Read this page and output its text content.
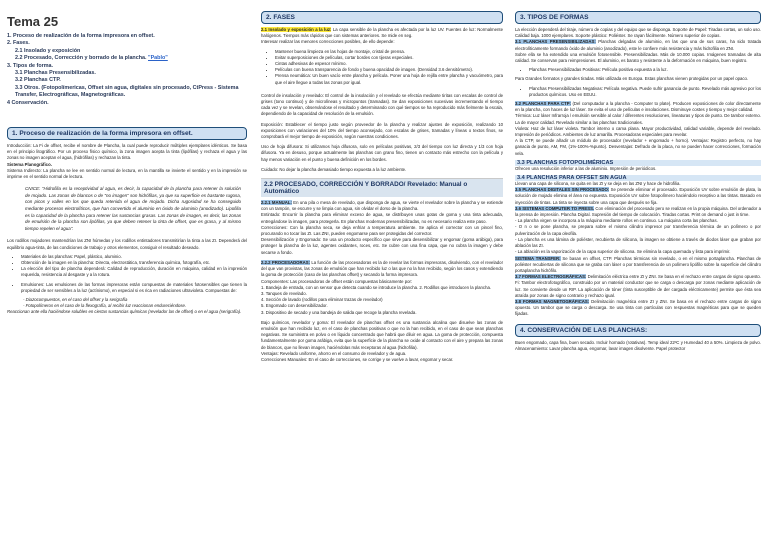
Tema 25
1. Proceso de realización de la forma impresora en offset.
2. Fases.
2.1 Insolado y exposición
2.2 Procesado, Corrección y borrado de la plancha. "Pablo"
3. Tipos de forma.
3.1 Planchas Presensibilizadas.
3.2 Planchas CTP.
3.3 Otros. (Fotopolímericas, Offset sin agua, digitales sin procesado, CtPress - Sistema Transfer, Electrográficas, Magnetográficas.
4 Conservación.
1. Proceso de realización de la forma impresora en offset.

Introducción: La Fi de offset, recibe el nombre de Plancha, la cual puede reproducir múltiples ejemplares idénticos. Se basa en el principio litográfico. Por un proceso físico químico, la zona imagen acepta la tinta (lipófilas) y rechaza el agua y las zonas no imagen aceptan el agua, (hidrófilas) y rechazan la tinta.

Sistema Planográfico.

Sistema Indirecto: La plancha se lee en sentido normal de lectura, en la mantilla se invierte el sentido y en la impresión se imprime en el sentido normal de lectura.

CNICE: "Hidrofilia es la receptividad al agua, es decir, la capacidad de la plancha para retener la solución de mojado. Las zonas de blancos o de "no imagen" son hidrófilas, ya que su superficie es bastante rugosa, con picos y valles en los que queda retenida el agua de mojado. Dicha rugosidad se ha conseguido mediante procesos electrolíticos, que han convertido el aluminio en óxido de aluminio (anodizado). Lipofilia es la capacidad de la plancha para retener las sustancias grasas. Las zonas de imagen, es decir, las zonas de emulsión de la plancha son lipófilas, ya que deben retener la tinta de offset, que es grasa, y al mismo tiempo repelen el agua".

Los rodillos mojadores mantendrían las ZNI húmedas y los rodillos entintadores transmitirían la tinta a las ZI. Dependerá del equilibrio agua-tinta, de las condiciones de trabajo y otros elementos, consiguir el resultado deseado.

• Materiales de las planchas: Papel, plástico, aluminio.
• Obtención de la imagen en la plancha: Directa, electrostática, transferencia química, fotografía, etc.
• La elección del tipo de plancha dependerá: Calidad de reproducción, duración en máquina, calidad en la impresión requerida, resistencia al desgaste y a la rotura.
• Emulsiones: Las emulsiones de las formas impresoras están compuestas de materiales fotosensibles que tienen la propiedad de ser sensibles a la luz (actínismo), en especial si es rica en radiaciones ultravioleta. Compuestas de:

- Diazocompuestos, en el caso del offset y la serigrafía

- Fotopolímeros en el caso de la flexografía, al recibir luz reaccionan endureciéndose.

Reaccionan ante ella haciéndose solubles en ciertas sustancias químicas (revelador las de offset) o en el agua (serigrafía).

2. FASES

2.1 Insolado y exposición a la luz: La capa sensible de la plancha es afectada por la luz UV. Fuentes de luz: Normalmente halógenos. Tiempos más rápidos que con sistemas anteriores. Se mide en seg.

Interesar realizar las menores correcciones posibles, de ello depende:

• Mantener buena limpieza en las hojas de montaje, cristal de prensa.
• Evitar superposiciones de películas, cortar bordes con tijeras especiales.
• Cintas adhesivas de espesor mínimo.
• Películas con buena transparencia de fondo y buena opacidad de imagen. (Densidad 3.6 densitómetro).
• Prensa neumática: Un buen vacío entre plancha y película. Poner una hoja de rejilla entre plancha y vacuómetro, para que el aire llegue a todas las zonas por igual.

Control de insolación y revelado: El control de la insolación y el revelado se efectúa mediante tiritas con escalas de control de grises (tono continuo) y de microlíneas y micropuntos (tramadas). Se dan exposiciones sucesivas incrementando el tiempo cada vez y se revelan, observándose el resultado y determinando con qué tiempos se ha reproducido más fielmente la escala, dependiendo de la capacidad de resolución de la emulsión.

Exposición: Establecer el tiempo justo según proveedor de la plancha y realizar ajustes de exposición, realizando 10 exposiciones con variaciones del 10% del tiempo aconsejado, con escalas de grises, tramadas y líneas o textos finos, se comprobará el mejor tiempo de exposición, según nuestras condiciones.

Uso de hoja difusora: Si utilizamos hoja difusora, solo en películas positivas, 2/3 del tiempo con luz directa y 1/3 con hoja difusora. Ya en desuso, porque actualmente las planchas con grano fino, tienen un contacto más estrecho con la película y hay menos variación en el punto y buena definición en los bordes.

Cuidado: No dejar la plancha demasiado tiempo expuesta a la luz ambiente.

2.2 PROCESADO, CORRECCIÓN Y BORRADO/ Revelado: Manual o Automático

2.2.1 MANUAL: En una pila o mesa de revelado, que disponga de agua, se vierte el revelador sobre la plancha y se extiende con un tampón, se escurre y se limpia con agua, sin olvidar el dorso de la plancha.

Entintado: Encurrir la plancha para eliminar exceso de agua, se distribuyen unas gotas de goma y una tinta adecuada, entregándose la imagen, para protegerla. En planchas modernas presensibilizadas, no es necesario realiza este paso.

Correcciones: Con la plancha seca, se deja enfriar a temperatura ambiente. Se aplica el corrector con un pincel fino, procurando no tocar las ZI. Las ZNI, pueden engomarse para ser protegidas del corrector.

Desensibilización y Engomado: Se usa un producto específico que sirve para desensibilizar y engomar (goma arábiga), para proteger la plancha de la luz, agentes oxidantes, roces, etc. Se cubre con una fina capa, que no cubra la imagen y debe secarse a fondo.

2.2.2 PROCESADORAS: La función de las procesadoras es la de revelar las formas impresoras, disolviendo, con el revelador del que van provistas, las zonas de emulsión que han recibido luz o las que no la han recibido, según los casos y extendiendo la goma de protección (caso de las planchas offset) y secando la forma impresora.

Componentes: Las procesadoras de offset están compuestas básicamente por:

1. Bandeja de entrada, con un sensor que detecta cuando se introduce la plancha. 2. Rodillos que introducen la plancha.

3. Tanques de revelado.

4. Sección de lavado (rodillos para eliminar trazas de revelador)

5. Engomado con desensibilizador.

3. Dispositivo de secado y una bandeja de salida que recoge la plancha revelada.

Bajo químicos, revelador y goma: El revelador de planchas offset es una sustancia alcalina que disuelve las zonas de emulsión que han recibido luz, en el caso de planchas positivas o que no la han recibido, en el caso de que sean planchas negativas. Se suministra en polvo o en líquido concentrado que habrá que diluir en agua. La goma de protección, compuesta fundamentalmente por goma arábiga, evita que la superficie de la plancha se oxide al contacto con el aire y prepara las zonas de blancos, que no llevan imagen, haciéndolas más receptoras al agua (hidrofilia).

Ventajas: Revelado uniforme, ahorro en el consumo de revelador y de agua.

Correcciones Manuales: En el caso de correcciones, se corrige y se vuelve a lavar, engomar y secar.

3. TIPOS DE FORMAS

La elección dependerá del tiraje, número de copias y del equipo que se disponga. Soporte de Papel: Tiradas cortas, un solo uso. Calidad baja. 1000 ejemplares. Soporte plástico: Poliéster. Se rayan fácilmente. Número superior de copias.

3.1 PLANCHAS PRESENSIBILIZADAS: Planchas delgadas de aluminio, en las que una de sus caras, ha sido tratada electrolíticamente formando óxido de aluminio (anodizado), este le confiere más resistencia y más hidrofilia en ZNI.

Sobre ella se ha extendido una emulsión fotosensible. Presensibilizadas. Más de 10.000 copias. Imágenes tramadas de alta calidad. Se conservan para reimpresiones. El aluminio, es barato y resistente a la deformación en máquina, buen registro.

• Planchas Presensibilizadas Positivas: Película positiva expuesta a la luz.

Para Grandes formatos y grandes tiradas. Más utilizada en Europa. Estas planchas vienen protegidas por un papel opaco.

• Planchas Presensibilizadas Negativas: Película negativa. Puede sufrir ganancia de punto. Revelado más agresivo por los productos químicos. Uso en EEUU.

3.2 PLANCHAS PARA CTP: (Del computador a la plancha - Computer to plate). Producen exposiciones de color directamente en la plancha, con haces de luz láser. Se evita el uso de películas e insolaciones. Disminuye costes y tiempo y mejor calidad.

Térmica: Luz láser Infrarroja / emulsión sensible al calor / diferentes resoluciones, lineaturas y tipos de punto. De tambor externo. La de mayor calidad. Revelado similar a las planchas tradicionales.

Violeta: Haz de luz láser violeta. Tambor interno o cama plana. Mayor productividad, calidad variable, depende del revelado. Impresión de periódicos. Ambientes de luz amarilla. Procesadoras especiales para revelar.

A la CTP, se puede añadir un módulo de procesador (revelador + engomado + horno). Ventajas: Registro perfecto, no hay ganacia de punto, AM, FM, (1%-100%-%punto). Desventajas: Defrado de la placa, no se pueden hacer correcciones, formación vela.

3.3 PLANCHAS FOTOPOLIMÉRICAS

Ofrecen una resolución inferior a las de aluminio. Impresión de periódicos.

3.4 PLANCHAS PARA OFFSET SIN AGUA

Llevan una capa de silicona, se quita en las ZI y se deja en las ZNI y hace de hidrofilia.

3.5 PLANCHAS DIGITALES SIN PROCESADO: Se pretende eliminar el procesado. Exposición UV sobre emulsión de plata, la solución de mojado elimina el área no expuesta. Exposición UV sobre fotopolímero haciéndolo receptivo a las tintas. Basado en inyección de tintas. La tinta se inyecta sobre una capa que después se fija.

3.6 SISTEMAS COMPUTER TO PRESS. Con eliminación del procesado pero se realizan en la propia máquina. Del ordenador a la prensa de impresión. Plancha Digital. Supresión del tiempo de colocación. Tiradas cortas. Print on demand o just in time.

- La plancha virgen se incorpora a la máquina mediante rollos en continuo. La máquina corta las planchas.

- O n o se pone plancha, se prepara sobre el mismo cilindro impresor por transferencia térmica de un polímero o por pulverización de la capa oleofila.

- La plancha es una lámina de poliéster, recubierta de silicona, la imagen se obtiene a través de diodos láser que graban por ablación las ZI.

- La ablación es la vaporización de la capa superior de silicona. Se elimina la capa quemada y lista para imprimir.

SISTEMA TRANSFER: Se basan en offset, CTP. Planchas térmicas sin revelado, o en el mismo portaplancha. Planchas de poliéster recubiertas de silicona que se graba con láser o por transferencia de un polímero lipófilo sobre la superficie del cilindro portaplancha hidrófilo.

3.7 FORMAS ELECTROGRÁFICAS: Delimitación eléctrica entre ZI y ZNI. Se basa en el rechazo entre cargas de signo opuesto. Fi: Tambor electrofotográfico, construido por un material conductor que se carga o descarga por zonas mediante aplicación de luz. Se convierte desde un RIP. La aplicación de tóner (tinta susceptible de der cargada eléctricamente) permite que ésta sea atraída por zonas de signo contrario y rechazo igual.

3.8 FORMAS MAGNETOGRÁFICAS: Delimitación magnética entre ZI y ZNI. Se basa en el rechazo entre cargas de signo opuesto. Un tambor que se carga o descarga. Se usa tinta con partículas con respuestas magnéticas para que se queden fijadas.

4. CONSERVACIÓN DE LAS PLANCHAS:

Buen engomado, capa fina, buen secado. Incluir hornado (rotativas). Temp ideal 22ºC y Humedad 40 a 50%. Limpieza de polvo. Almacenamiento: Lavar plancha agua, engomar, lavar imagen disolvente. Papel protector
